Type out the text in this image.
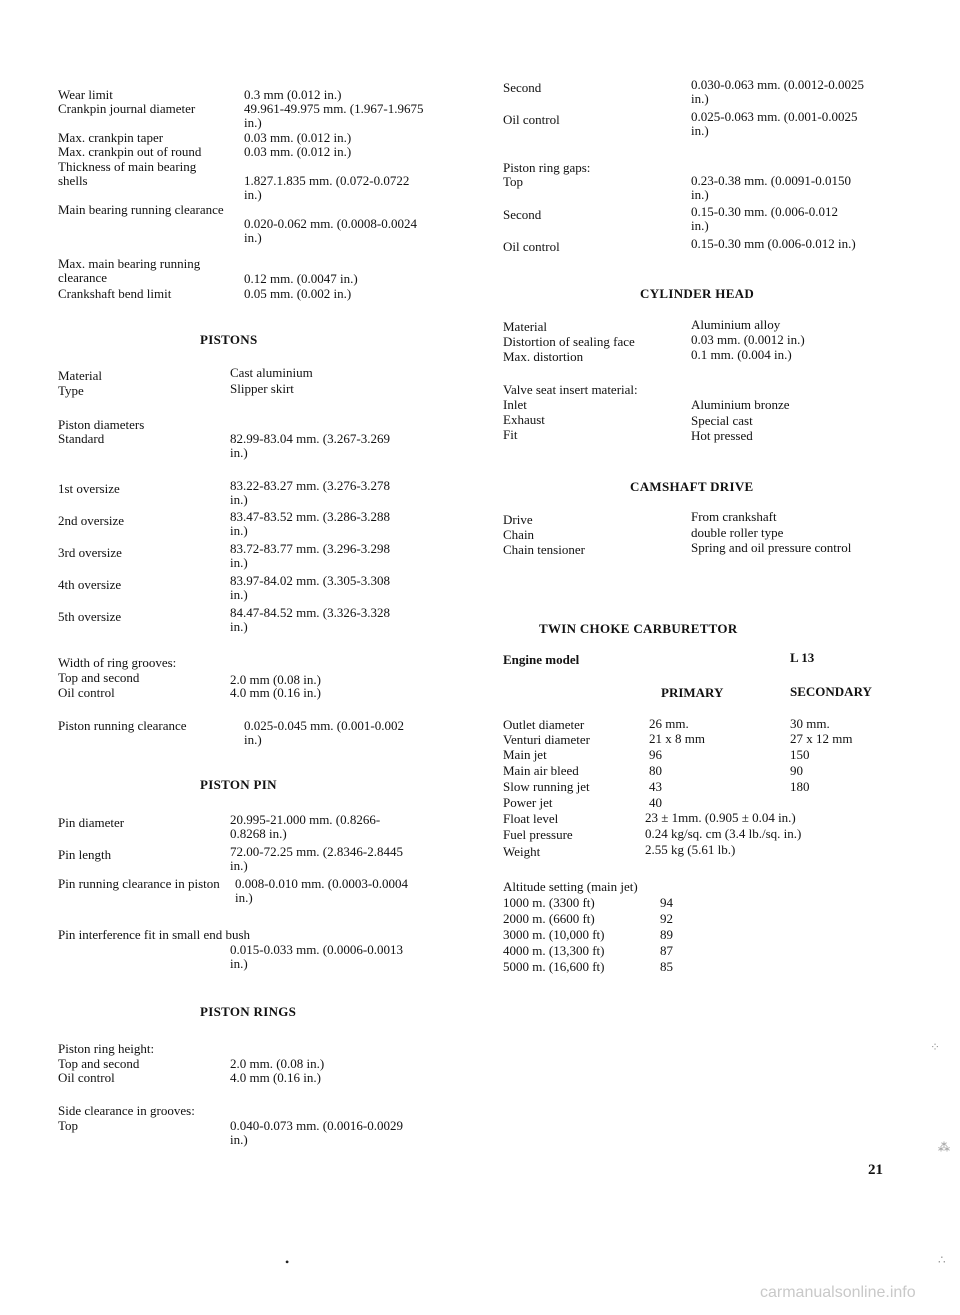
Wear limit	0.3 mm (0.012 in.)
Crankpin journal diameter	49.961-49.975 mm. (1.967-1.9675
in.)
Max. crankpin taper	0.03 mm. (0.012 in.)
Max. crankpin out of round	0.03 mm. (0.012 in.)
Thickness of main bearing
shells	1.827.1.835 mm. (0.072-0.0722
in.)
Main bearing running clearance
0.020-0.062 mm. (0.0008-0.0024
in.)
Max. main bearing running
clearance	0.12 mm. (0.0047 in.)
Crankshaft bend limit	0.05 mm. (0.002 in.)
PISTONS
Material	Cast aluminium
Type	Slipper skirt
Piston diameters
Standard	82.99-83.04 mm. (3.267-3.269
in.)
1st oversize	83.22-83.27 mm. (3.276-3.278
in.)
2nd oversize	83.47-83.52 mm. (3.286-3.288
in.)
3rd oversize	83.72-83.77 mm. (3.296-3.298
in.)
4th oversize	83.97-84.02 mm. (3.305-3.308
in.)
5th oversize	84.47-84.52 mm. (3.326-3.328
in.)
Width of ring grooves:
Top and second	2.0 mm (0.08 in.)
Oil control	4.0 mm (0.16 in.)
Piston running clearance	0.025-0.045 mm. (0.001-0.002
in.)
PISTON PIN
Pin diameter	20.995-21.000 mm. (0.8266-
0.8268 in.)
Pin length	72.00-72.25 mm. (2.8346-2.8445
in.)
Pin running clearance in piston 0.008-0.010 mm. (0.0003-0.0004
in.)
Pin interference fit in small end bush
0.015-0.033 mm. (0.0006-0.0013
in.)
PISTON RINGS
Piston ring height:
Top and second	2.0 mm. (0.08 in.)
Oil control	4.0 mm (0.16 in.)
Side clearance in grooves:
Top	0.040-0.073 mm. (0.0016-0.0029
in.)
Second	0.030-0.063 mm. (0.0012-0.0025
in.)
Oil control	0.025-0.063 mm. (0.001-0.0025
in.)
Piston ring gaps:
Top	0.23-0.38 mm. (0.0091-0.0150
in.)
Second	0.15-0.30 mm. (0.006-0.012
in.)
Oil control	0.15-0.30 mm (0.006-0.012 in.)
CYLINDER HEAD
Material	Aluminium alloy
Distortion of sealing face	0.03 mm. (0.0012 in.)
Max. distortion	0.1 mm. (0.004 in.)
Valve seat insert material:
Inlet	Aluminium bronze
Exhaust	Special cast
Fit	Hot pressed
CAMSHAFT DRIVE
Drive	From crankshaft
Chain	double roller type
Chain tensioner	Spring and oil pressure control
TWIN CHOKE CARBURETTOR
Engine model	L 13
PRIMARY	SECONDARY
Outlet diameter	26 mm.	30 mm.
Venturi diameter	21 x 8 mm	27 x 12 mm
Main jet	96	150
Main air bleed	80	90
Slow running jet	43	180
Power jet	40
Float level	23 ± 1mm. (0.905 ± 0.04 in.)
Fuel pressure	0.24 kg/sq. cm (3.4 lb./sq. in.)
Weight	2.55 kg (5.61 lb.)
Altitude setting (main jet)
1000 m. (3300 ft)	94
2000 m. (6600 ft)	92
3000 m. (10,000 ft)	89
4000 m. (13,300 ft)	87
5000 m. (16,600 ft)	85
21
⁘
⁂
∴
•
carmanualsonline.info
